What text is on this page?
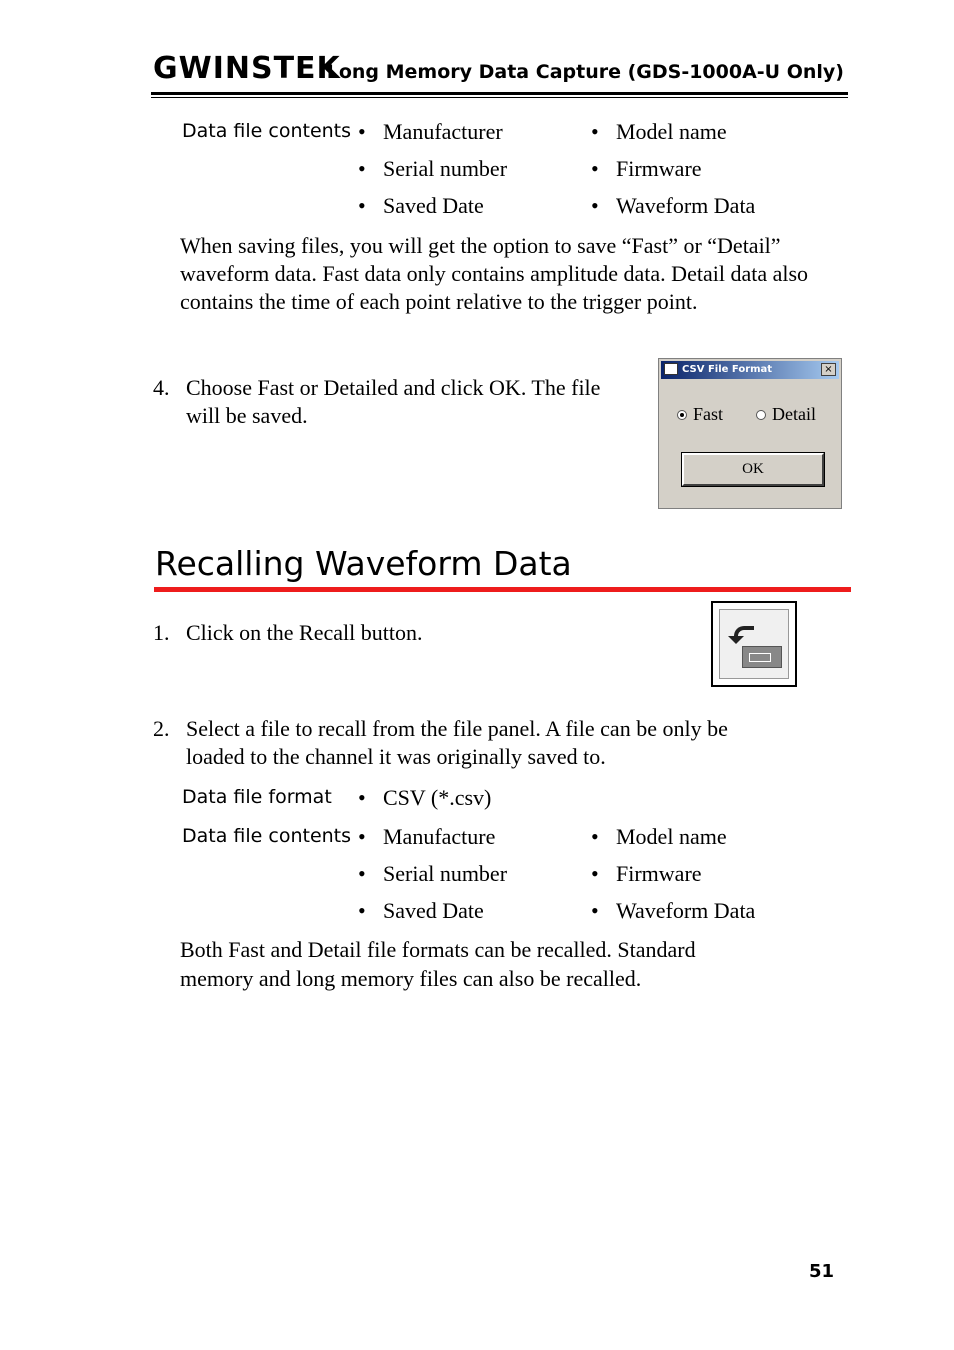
GWINSTEK
Long Memory Data Capture (GDS-1000A-U Only)
Data file contents • Manufacturer	• Model name
• Serial number	• Firmware
• Saved Date	• Waveform Data
When saving files, you will get the option to save “Fast” or “Detail” waveform data. Fast data only contains amplitude data. Detail data also contains the time of each point relative to the trigger point.
4. Choose Fast or Detailed and click OK. The file
will be saved.
CSV File Format	×
Fast	Detail
OK
Recalling Waveform Data
1. Click on the Recall button.
2. Select a file to recall from the file panel. A file can be only be
loaded to the channel it was originally saved to.
Data file format • CSV (*.csv)
Data file contents • Manufacture	• Model name
• Serial number	• Firmware
• Saved Date	• Waveform Data
Both Fast and Detail file formats can be recalled. Standard
memory and long memory files can also be recalled.
51
